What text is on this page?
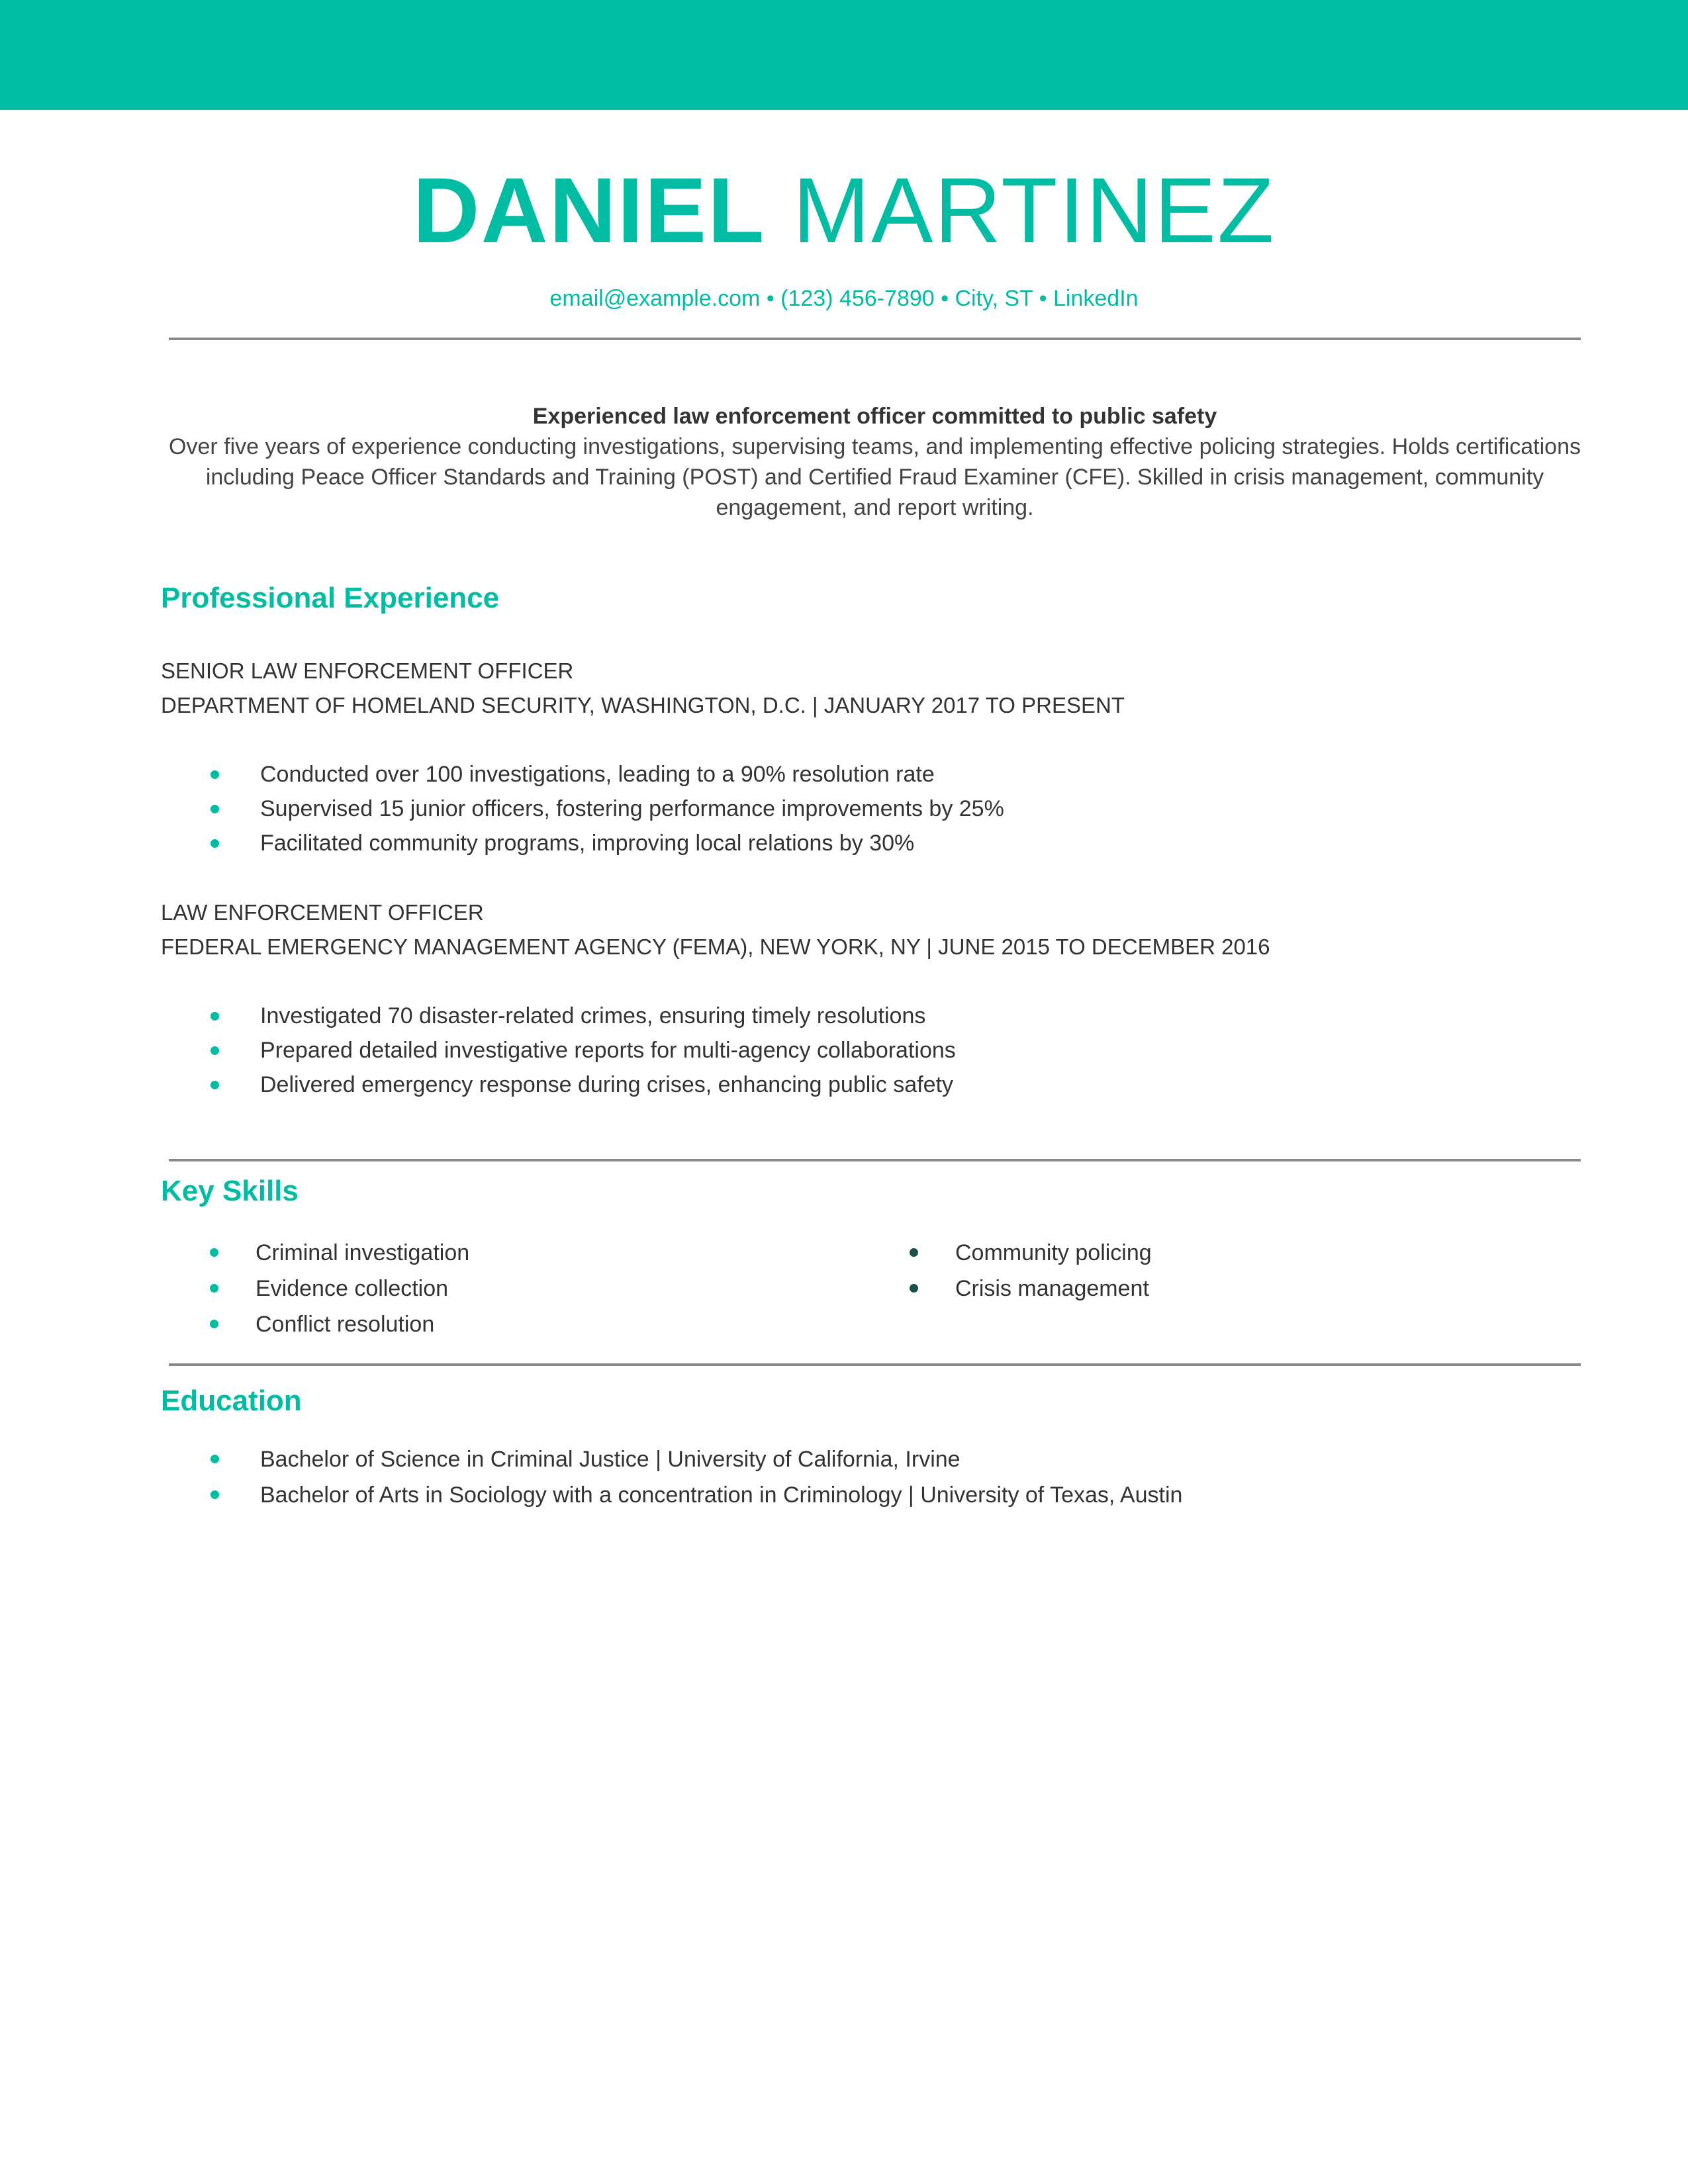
DANIEL MARTINEZ
email@example.com • (123) 456-7890 • City, ST • LinkedIn
Experienced law enforcement officer committed to public safety
Over five years of experience conducting investigations, supervising teams, and implementing effective policing strategies. Holds certifications including Peace Officer Standards and Training (POST) and Certified Fraud Examiner (CFE). Skilled in crisis management, community engagement, and report writing.
Professional Experience
SENIOR LAW ENFORCEMENT OFFICER
DEPARTMENT OF HOMELAND SECURITY, WASHINGTON, D.C. | JANUARY 2017 TO PRESENT
Conducted over 100 investigations, leading to a 90% resolution rate
Supervised 15 junior officers, fostering performance improvements by 25%
Facilitated community programs, improving local relations by 30%
LAW ENFORCEMENT OFFICER
FEDERAL EMERGENCY MANAGEMENT AGENCY (FEMA), NEW YORK, NY | JUNE 2015 TO DECEMBER 2016
Investigated 70 disaster-related crimes, ensuring timely resolutions
Prepared detailed investigative reports for multi-agency collaborations
Delivered emergency response during crises, enhancing public safety
Key Skills
Criminal investigation
Evidence collection
Conflict resolution
Community policing
Crisis management
Education
Bachelor of Science in Criminal Justice | University of California, Irvine
Bachelor of Arts in Sociology with a concentration in Criminology | University of Texas, Austin
